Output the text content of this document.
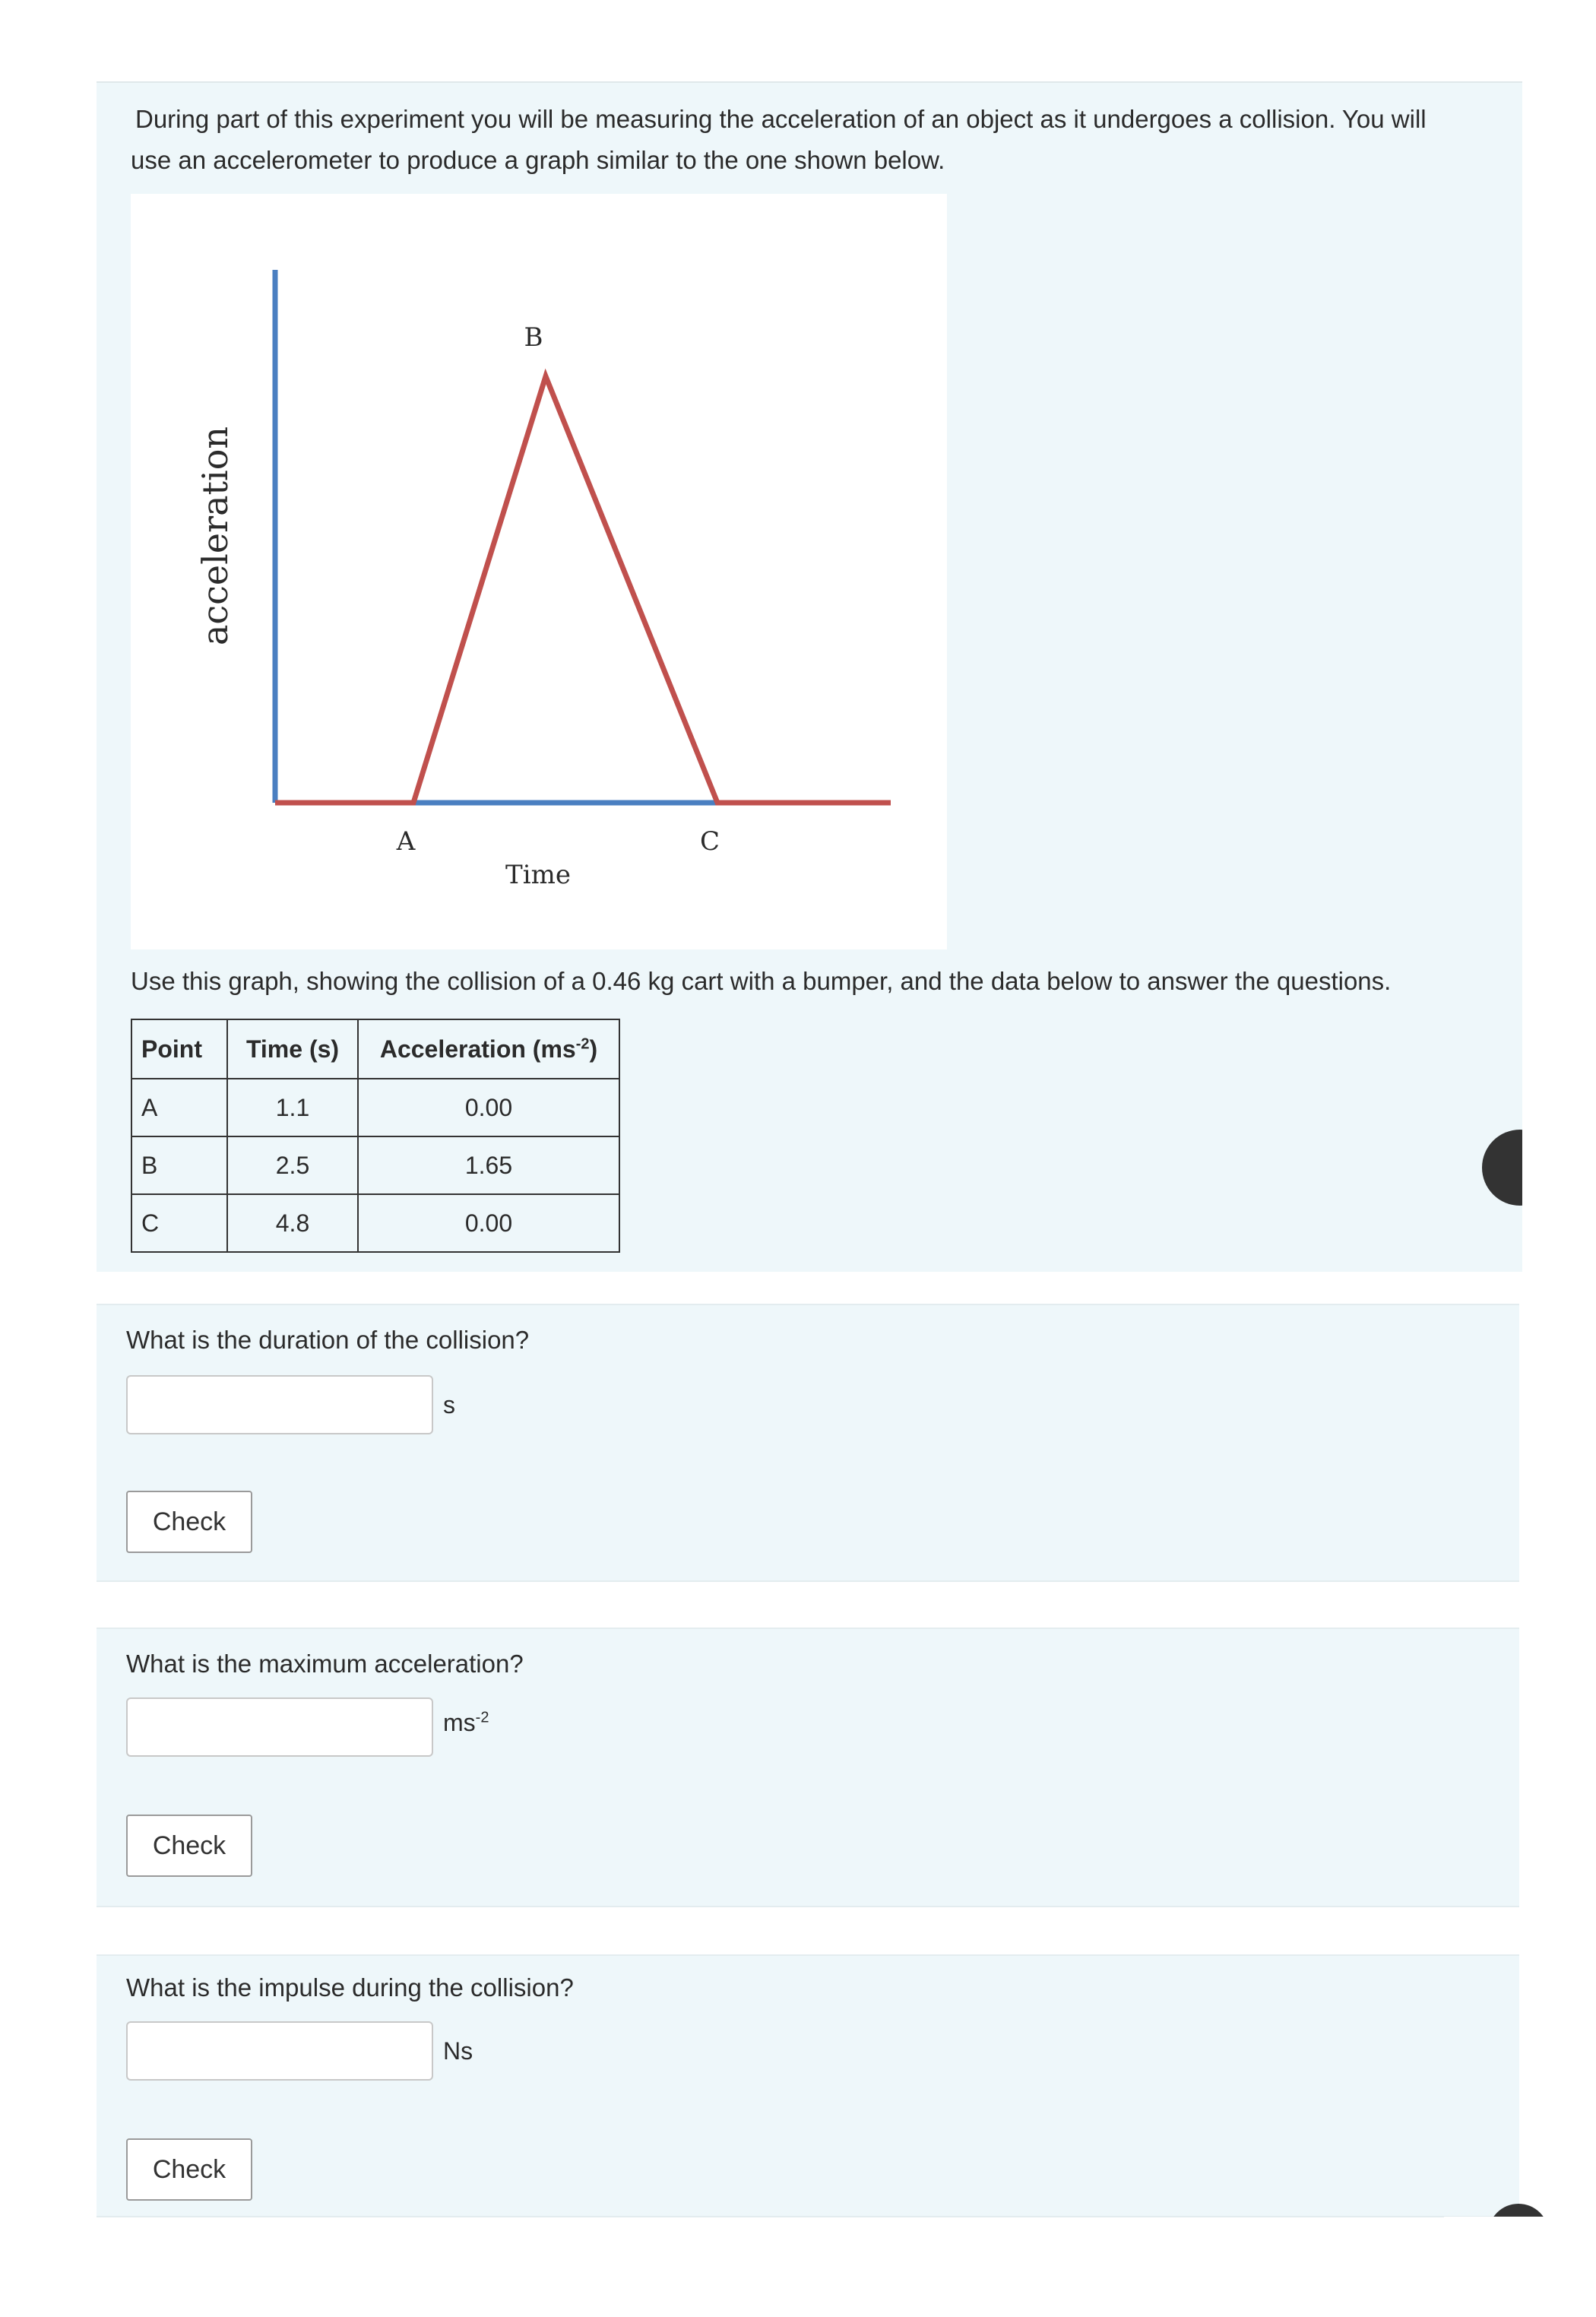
During part of this experiment you will be measuring the acceleration of an object as it undergoes a collision. You will
use an accelerometer to produce a graph similar to the one shown below.
acceleration
Time
A
B
C
Use this graph, showing the collision of a 0.46 kg cart with a bumper, and the data below to answer the questions.
Point	Time (s)	Acceleration $(ms^{-2})$
A	1.1	0.00
B	2.5	1.65
C	4.8	0.00
What is the duration of the collision?
s
Check
What is the maximum acceleration?
$ms^{-2}$
Check
What is the impulse during the collision?
Ns
Check
